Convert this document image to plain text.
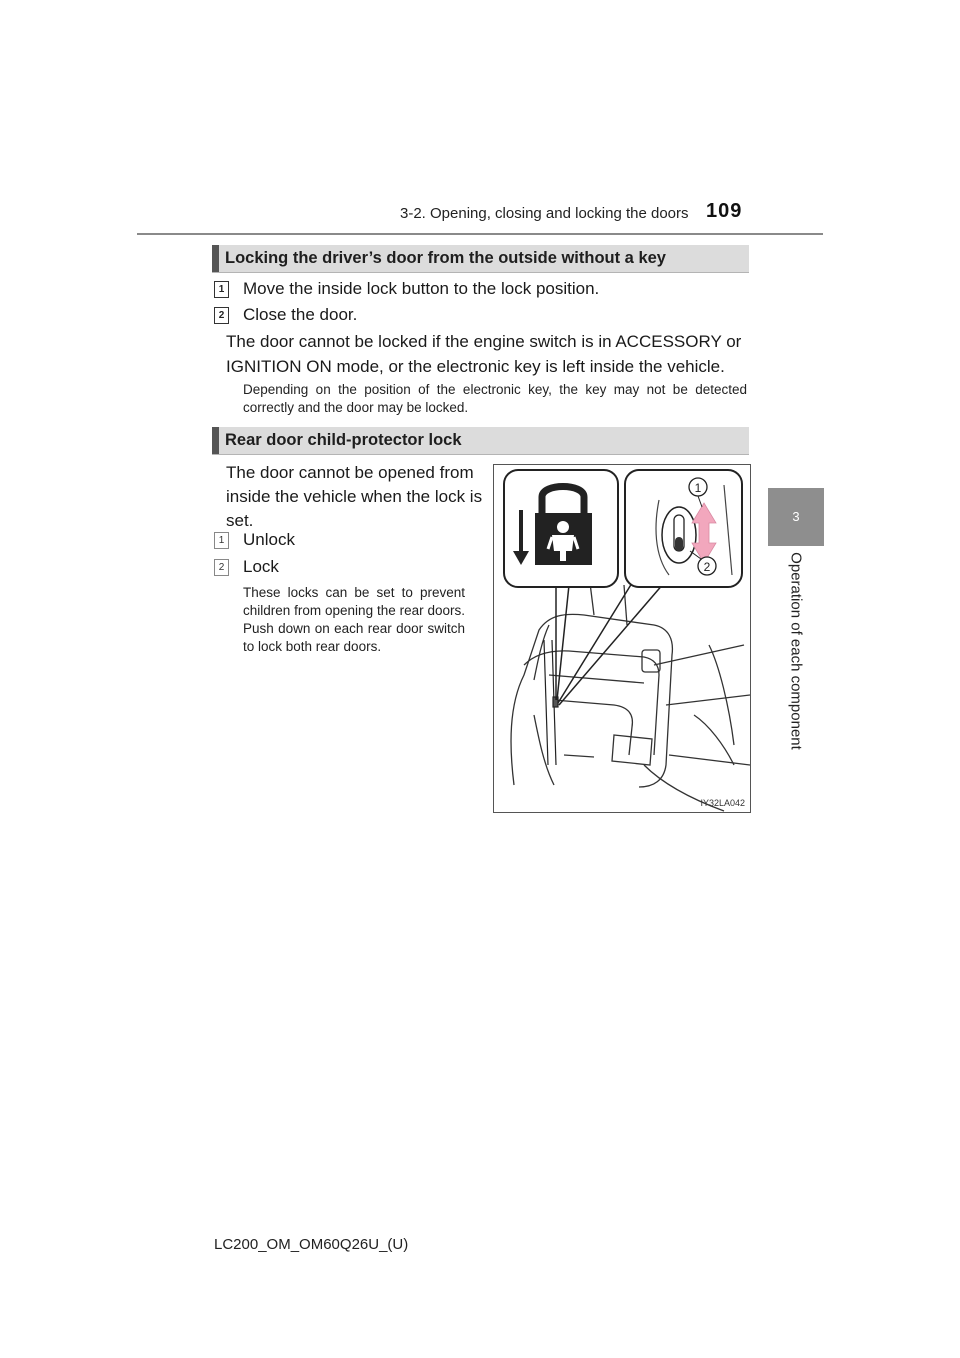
3-2. Opening, closing and locking the doors 109
3
Operation of each component
Locking the driver’s door from the outside without a key
1 Move the inside lock button to the lock position.
2 Close the door.
The door cannot be locked if the engine switch is in ACCESSORY or
IGNITION ON mode, or the electronic key is left inside the vehicle.
Depending on the position of the electronic key, the key may not be detected correctly and the door may be locked.
Rear door child-protector lock
The door cannot be opened from
inside the vehicle when the lock is
set.
1 Unlock
2 Lock
These locks can be set to prevent children from opening the rear doors. Push down on each rear door switch to lock both rear doors.
1
2
IY32LA042
LC200_OM_OM60Q26U_(U)
